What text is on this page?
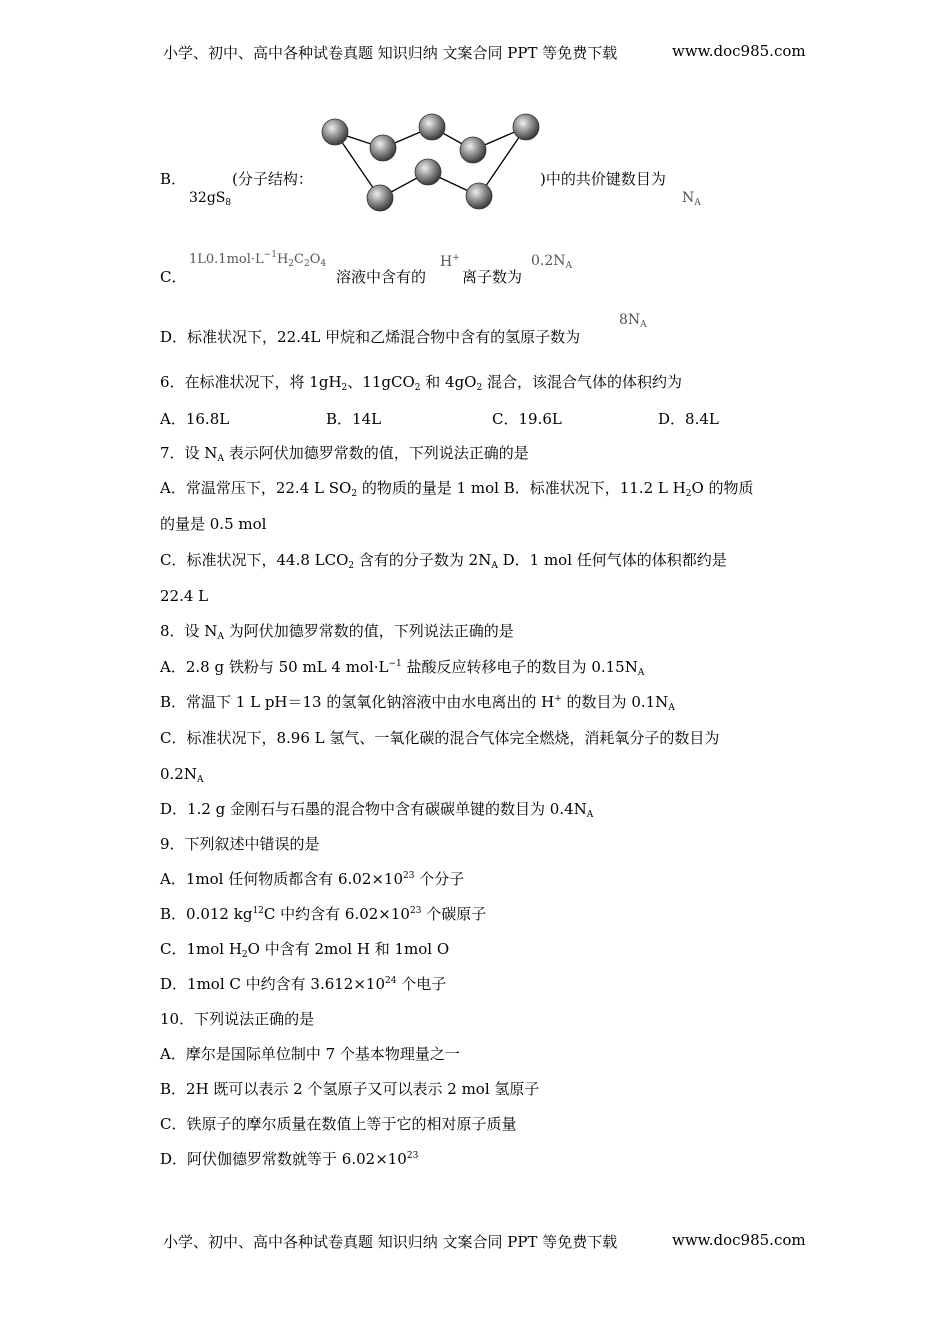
小学、初中、高中各种试卷真题 知识归纳 文案合同 PPT 等免费下载	www.doc985.com
B．
$32gS_8$
(分子结构：	)中的共价键数目为
$N_A$
C．
$1L0.1mol\cdot L^{-1}H_2C_2O_4$
溶液中含有的
H+
离子数为
$0.2N_A$
D．标准状况下，22.4L 甲烷和乙烯混合物中含有的氢原子数为
$8N_A$
6．在标准状况下，将 $1gH_2$、11gCO$_2$ 和 $4gO_2$ 混合，该混合气体的体积约为
A．16.8L	B．14L	C．19.6L	D．8.4L
7．设 $N_A$ 表示阿伏加德罗常数的值，下列说法正确的是
A．常温常压下，22.4 L $SO_2$ 的物质的量是 1 mol B．标准状况下，11.2 L $H_2O$ 的物质
的量是 0.5 mol
C．标准状况下，44.8 $LCO_2$ 含有的分子数为 $2N_A$ D．1 mol 任何气体的体积都约是
22.4 L
8．设 $N_A$ 为阿伏加德罗常数的值，下列说法正确的是
A．2.8 g 铁粉与 50 mL 4 $mol\cdot L^{-1}$ 盐酸反应转移电子的数目为 $0.15N_A$
B．常温下 1 L pH＝13 的氢氧化钠溶液中由水电离出的 H+ 的数目为 $0.1N_A$
C．标准状况下，8.96 L 氢气、一氧化碳的混合气体完全燃烧，消耗氧分子的数目为
$0.2N_A$
D．1.2 g 金刚石与石墨的混合物中含有碳碳单键的数目为 $0.4N_A$
9．下列叙述中错误的是
A．1mol 任何物质都含有 $6.02\times 10^{23}$ 个分子
B．0.012 $kg^{12}C$ 中约含有 $6.02\times 10^{23}$ 个碳原子
C．1mol $H_2O$ 中含有 2mol H 和 1mol O
D．1mol C 中约含有 $3.612\times 10^{24}$ 个电子
10．下列说法正确的是
A．摩尔是国际单位制中 7 个基本物理量之一
B．2H 既可以表示 2 个氢原子又可以表示 2 mol 氢原子
C．铁原子的摩尔质量在数值上等于它的相对原子质量
D．阿伏伽德罗常数就等于 $6.02\times 10^{23}$
小学、初中、高中各种试卷真题 知识归纳 文案合同 PPT 等免费下载	www.doc985.com
